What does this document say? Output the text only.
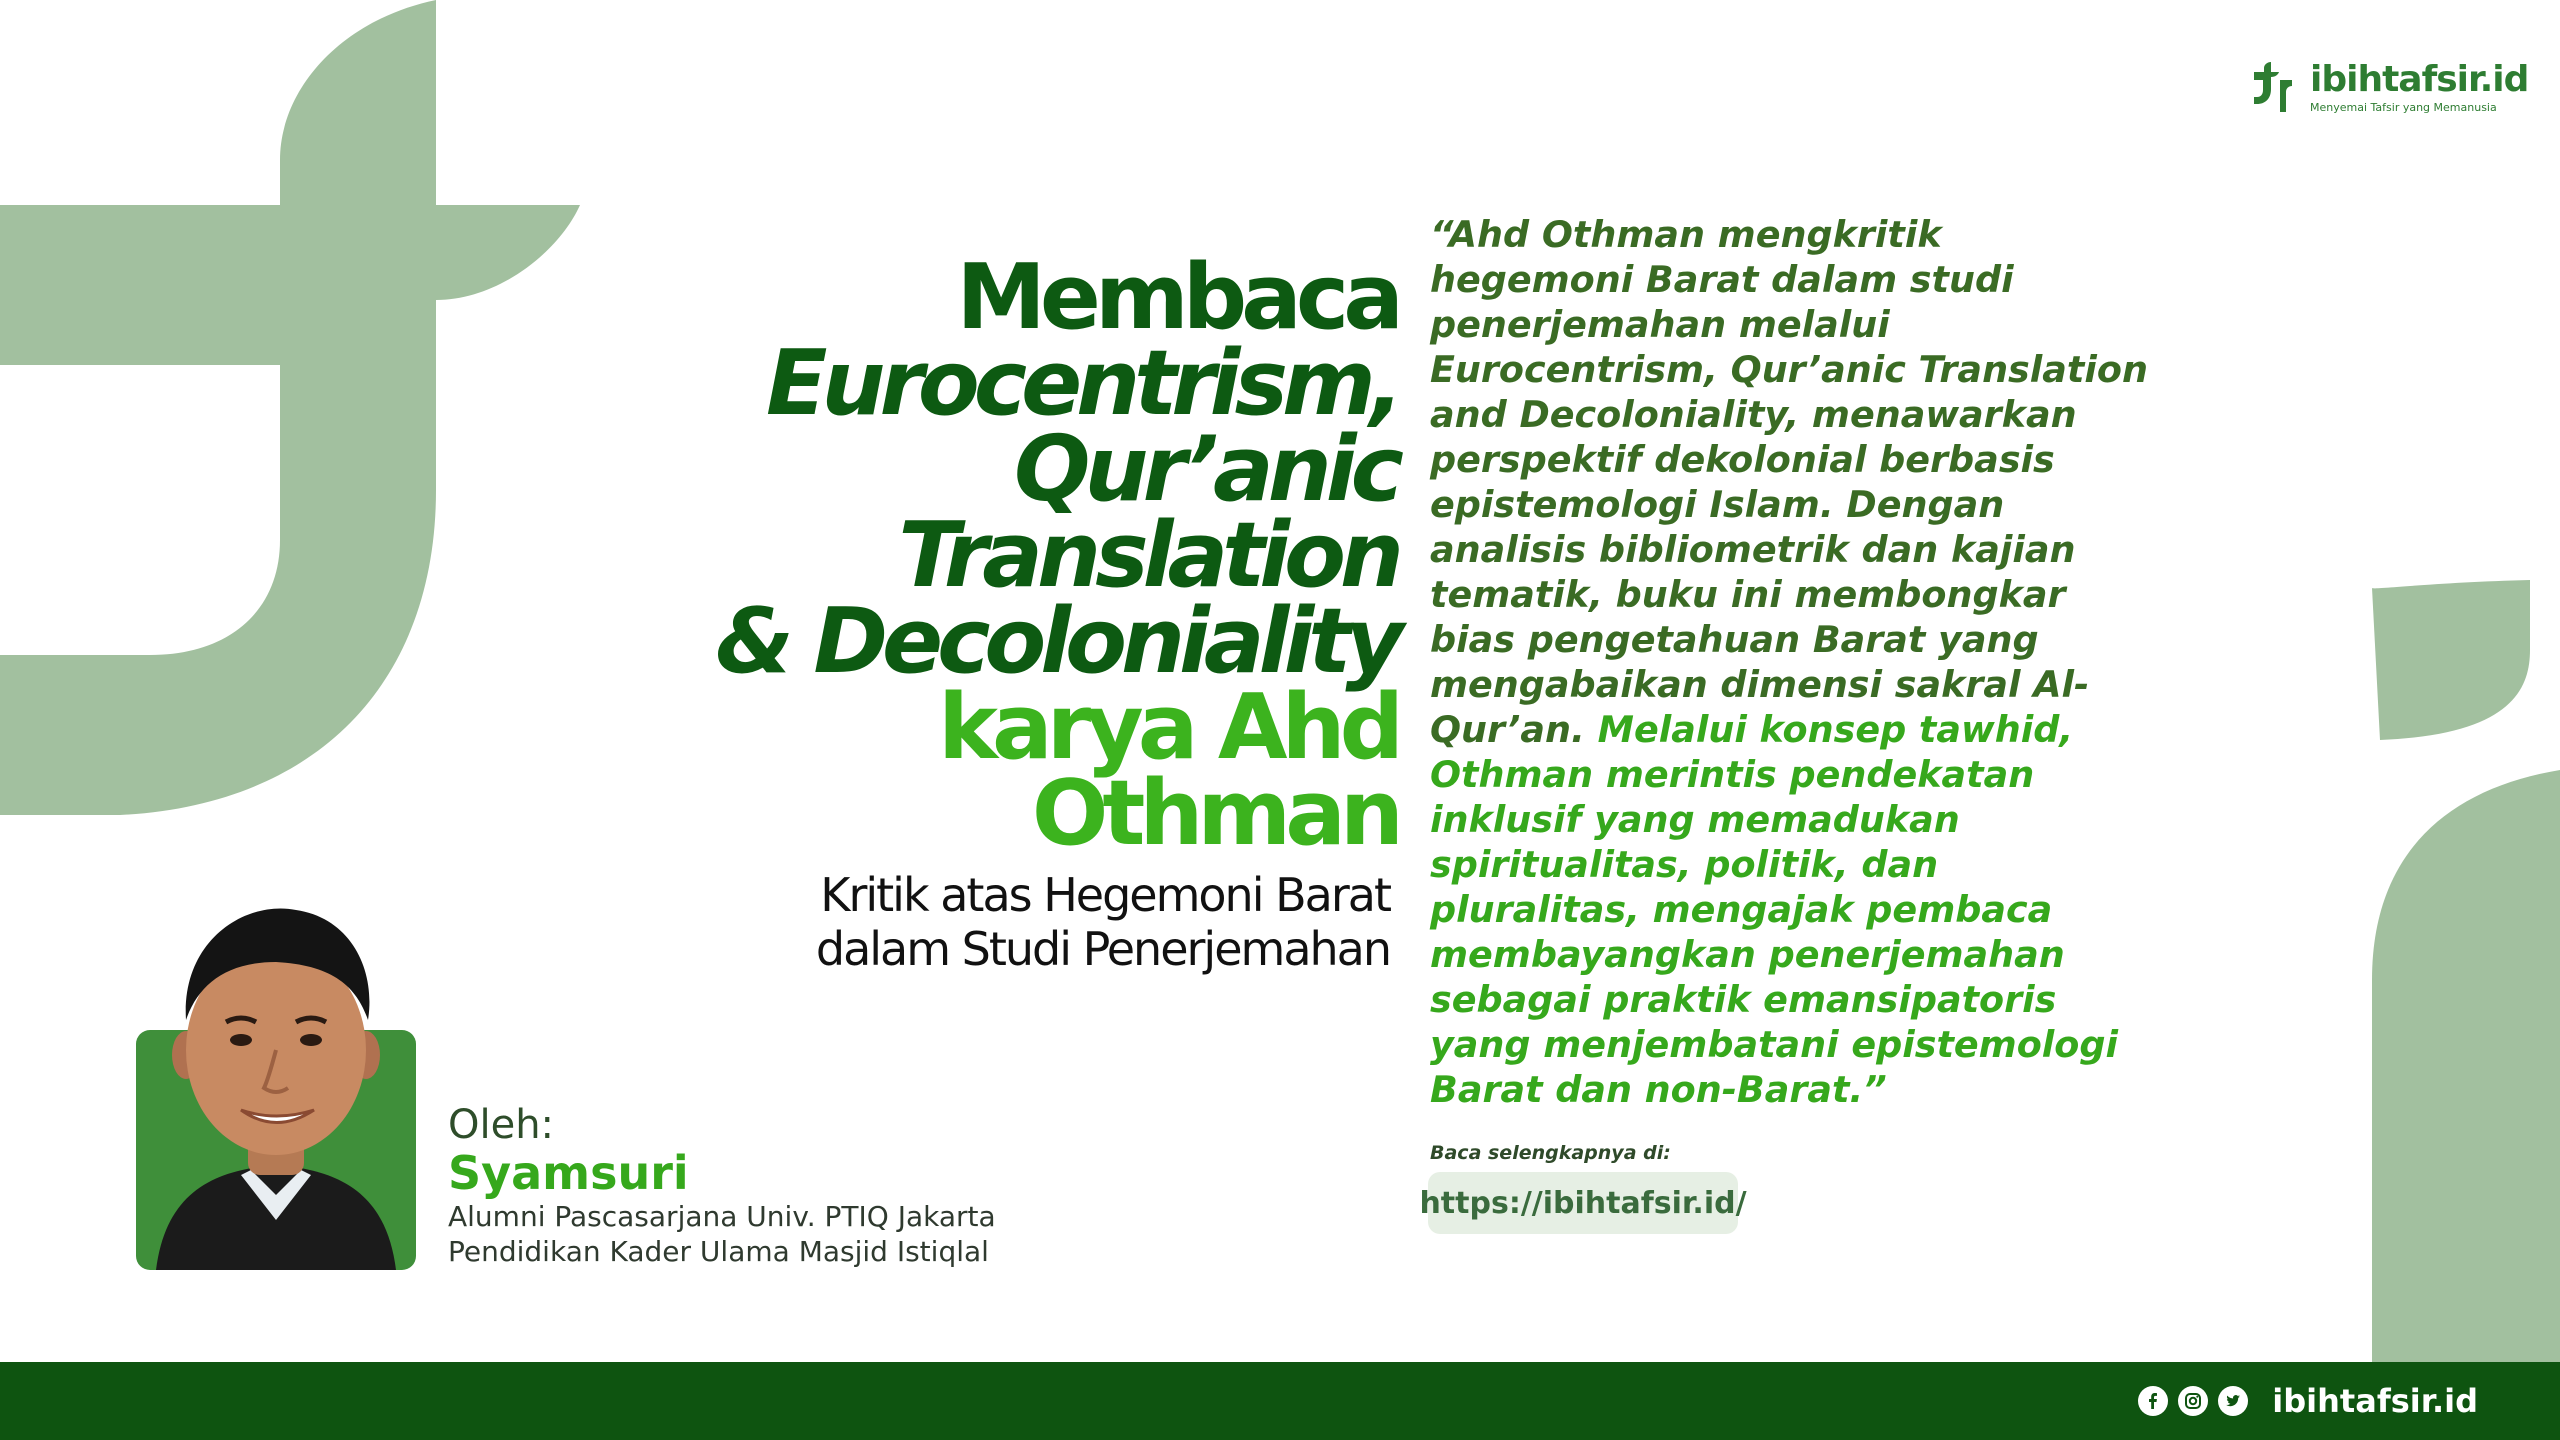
ibihtafsir.id
Menyemai Tafsir yang Memanusia
Membaca
Eurocentrism,
Qur’anic
Translation
& Decoloniality
karya Ahd
Othman
Kritik atas Hegemoni Barat
dalam Studi Penerjemahan
“Ahd Othman mengkritik hegemoni Barat dalam studi penerjemahan melalui Eurocentrism, Qur’anic Translation and Decoloniality, menawarkan perspektif dekolonial berbasis epistemologi Islam. Dengan analisis bibliometrik dan kajian tematik, buku ini membongkar bias pengetahuan Barat yang mengabaikan dimensi sakral Al-Qur’an. Melalui konsep tawhid, Othman merintis pendekatan inklusif yang memadukan spiritualitas, politik, dan pluralitas, mengajak pembaca membayangkan penerjemahan sebagai praktik emansipatoris yang menjembatani epistemologi Barat dan non-Barat.”
Baca selengkapnya di:
https://ibihtafsir.id/
Oleh:
Syamsuri
Alumni Pascasarjana Univ. PTIQ Jakarta
Pendidikan Kader Ulama Masjid Istiqlal
ibihtafsir.id
